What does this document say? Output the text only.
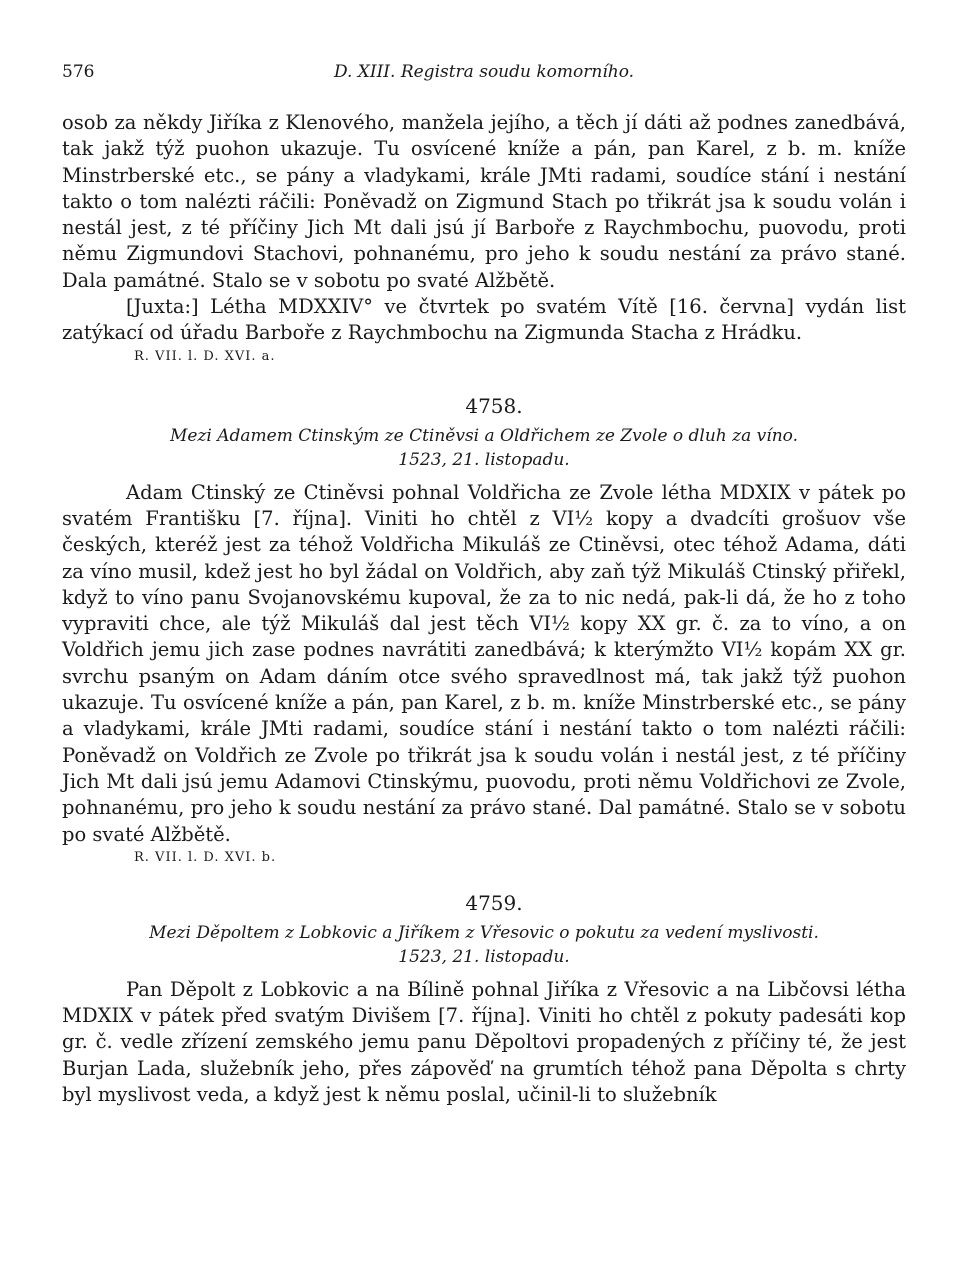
576	D. XIII. Registra soudu komorního.

osob za někdy Jiříka z Klenového, manžela jejího, a těch jí dáti až podnes zanedbává, tak jakž týž puohon ukazuje. Tu osvícené kníže a pán, pan Karel, z b. m. kníže Minstrberské etc., se pány a vladykami, krále JMti radami, soudíce stání i nestání takto o tom nalézti ráčili: Poněvadž on Zigmund Stach po třikrát jsa k soudu volán i nestál jest, z té příčiny Jich Mt dali jsú jí Barboře z Raychmbochu, puovodu, proti němu Zigmundovi Stachovi, pohnanému, pro jeho k soudu nestání za právo stané. Dala památné. Stalo se v sobotu po svaté Alžbětě.

[Juxta:] Létha MDXXIV° ve čtvrtek po svatém Vítě [16. června] vydán list zatýkací od úřadu Barboře z Raychmbochu na Zigmunda Stacha z Hrádku.

R. VII. l. D. XVI. a.
4758.
Mezi Adamem Ctinským ze Ctiněvsi a Oldřichem ze Zvole o dluh za víno.
1523, 21. listopadu.

Adam Ctinský ze Ctiněvsi pohnal Voldřicha ze Zvole létha MDXIX v pátek po svatém Františku [7. října]. Viniti ho chtěl z VI½ kopy a dvadcíti grošuov vše českých, kteréž jest za téhož Voldřicha Mikuláš ze Ctiněvsi, otec téhož Adama, dáti za víno musil, kdež jest ho byl žádal on Voldřich, aby zaň týž Mikuláš Ctinský přiřekl, když to víno panu Svojanovskému kupoval, že za to nic nedá, pak-li dá, že ho z toho vypraviti chce, ale týž Mikuláš dal jest těch VI½ kopy XX gr. č. za to víno, a on Voldřich jemu jich zase podnes navrátiti zanedbává; k kterýmžto VI½ kopám XX gr. svrchu psaným on Adam dáním otce svého spravedlnost má, tak jakž týž puohon ukazuje. Tu osvícené kníže a pán, pan Karel, z b. m. kníže Minstrberské etc., se pány a vladykami, krále JMti radami, soudíce stání i nestání takto o tom nalézti ráčili: Poněvadž on Voldřich ze Zvole po třikrát jsa k soudu volán i nestál jest, z té příčiny Jich Mt dali jsú jemu Adamovi Ctinskýmu, puovodu, proti němu Voldřichovi ze Zvole, pohnanému, pro jeho k soudu nestání za právo stané. Dal památné. Stalo se v sobotu po svaté Alžbětě.

R. VII. l. D. XVI. b.
4759.
Mezi Děpoltem z Lobkovic a Jiříkem z Vřesovic o pokutu za vedení myslivosti.
1523, 21. listopadu.

Pan Děpolt z Lobkovic a na Bílině pohnal Jiříka z Vřesovic a na Libčovsi létha MDXIX v pátek před svatým Divišem [7. října]. Viniti ho chtěl z pokuty padesáti kop gr. č. vedle zřízení zemského jemu panu Děpoltovi propadených z příčiny té, že jest Burjan Lada, služebník jeho, přes zápověď na grumtích téhož pana Děpolta s chrty byl myslivost veda, a když jest k němu poslal, učinil-li to služebník
